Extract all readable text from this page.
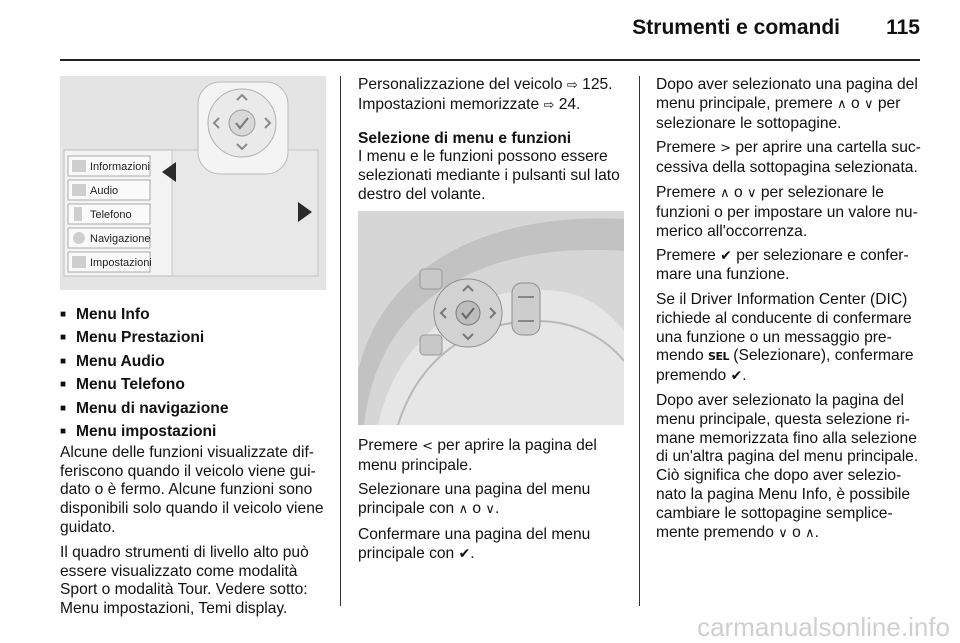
Strumenti e comandi	115
Informazioni
Audio
Telefono
Navigazione
Impostazioni
■ Menu Info
■ Menu Prestazioni
■ Menu Audio
■ Menu Telefono
■ Menu di navigazione
■ Menu impostazioni

Alcune delle funzioni visualizzate differiscono quando il veicolo viene guidato o è fermo. Alcune funzioni sono disponibili solo quando il veicolo viene guidato.

Il quadro strumenti di livello alto può essere visualizzato come modalità Sport o modalità Tour. Vedere sotto: Menu impostazioni, Temi display.

Personalizzazione del veicolo ⇨ 125.

Impostazioni memorizzate ⇨ 24.

Selezione di menu e funzioni

I menu e le funzioni possono essere selezionati mediante i pulsanti sul lato destro del volante.

Premere < per aprire la pagina del menu principale.

Selezionare una pagina del menu principale con ∧ o ∨.

Confermare una pagina del menu principale con ✔.

Dopo aver selezionato una pagina del menu principale, premere ∧ o ∨ per selezionare le sottopagine.

Premere > per aprire una cartella successiva della sottopagina selezionata.

Premere ∧ o ∨ per selezionare le funzioni o per impostare un valore numerico all'occorrenza.

Premere ✔ per selezionare e confermare una funzione.

Se il Driver Information Center (DIC) richiede al conducente di confermare una funzione o un messaggio premendo SEL (Selezionare), confermare premendo ✔.

Dopo aver selezionato la pagina del menu principale, questa selezione rimane memorizzata fino alla selezione di un'altra pagina del menu principale. Ciò significa che dopo aver selezionato la pagina Menu Info, è possibile cambiare le sottopagine semplicemente premendo ∨ o ∧.

carmanualsonline.info
